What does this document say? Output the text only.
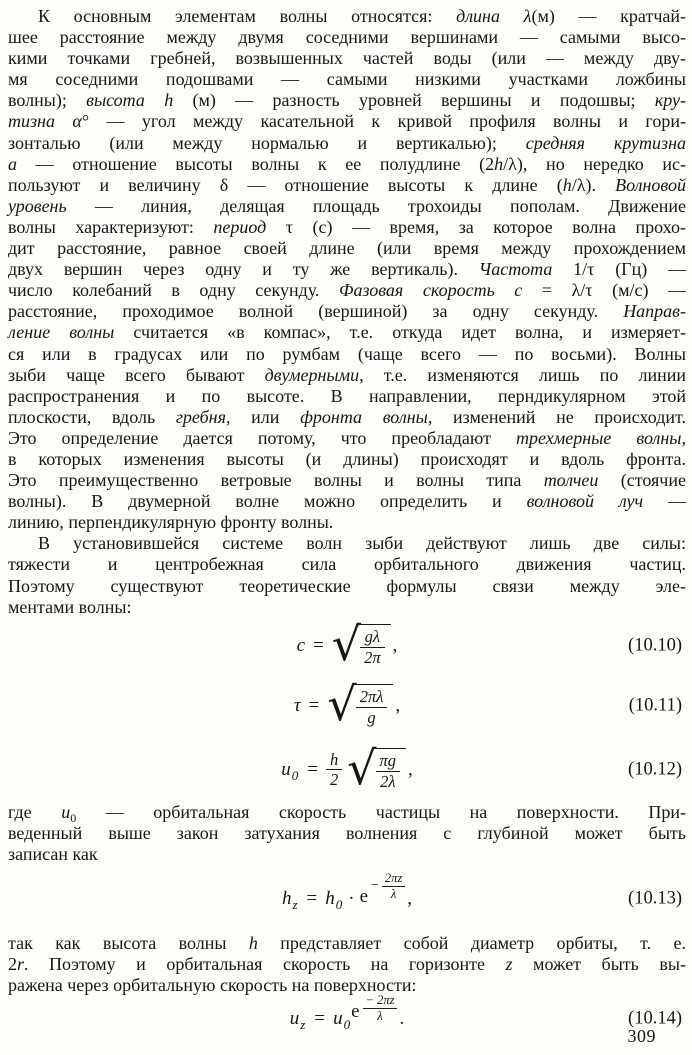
К основным элементам волны относятся: длина λ(м) — кратчай-
шее расстояние между двумя соседними вершинами — самыми высо-
кими точками гребней, возвышенных частей воды (или — между дву-
мя соседними подошвами — самыми низкими участками ложбины
волны); высота h (м) — разность уровней вершины и подошвы; кру-
тизна α° — угол между касательной к кривой профиля волны и гори-
зонталью (или между нормалью и вертикалью); средняя крутизна
a — отношение высоты волны к ее полудлине (2h/λ), но нередко ис-
пользуют и величину δ — отношение высоты к длине (h/λ). Волновой
уровень — линия, делящая площадь трохоиды пополам. Движение
волны характеризуют: период τ (с) — время, за которое волна прохо-
дит расстояние, равное своей длине (или время между прохождением
двух вершин через одну и ту же вертикаль). Частота 1/τ (Гц) —
число колебаний в одну секунду. Фазовая скорость c = λ/τ (м/с) —
расстояние, проходимое волной (вершиной) за одну секунду. Направ-
ление волны считается «в компас», т.е. откуда идет волна, и измеряет-
ся или в градусах или по румбам (чаще всего — по восьми). Волны
зыби чаще всего бывают двумерными, т.е. изменяются лишь по линии
распространения и по высоте. В направлении, перндикулярном этой
плоскости, вдоль гребня, или фронта волны, изменений не происходит.
Это определение дается потому, что преобладают трехмерные волны,
в которых изменения высоты (и длины) происходят и вдоль фронта.
Это преимущественно ветровые волны и волны типа толчеи (стоячие
волны). В двумерной волне можно определить и волновой луч —
линию, перпендикулярную фронту волны.
В установившейся системе волн зыби действуют лишь две силы:
тяжести и центробежная сила орбитального движения частиц.
Поэтому существуют теоретические формулы связи между эле-
ментами волны:
c = √ $\frac{g\lambda}{2\pi}$ ,	(10.10)
τ = √ $\frac{2\pi\lambda}{g}$ ,	(10.11)
$u_0 = \frac{h}{2}$ √ $\frac{\pi g}{2\lambda}$ ,	(10.12)
где $u_0$ — орбитальная скорость частицы на поверхности. При-
веденный выше закон затухания волнения с глубиной может быть
записан как
$h_z = h_0 \cdot e$
− $\frac{2\pi z}{\lambda}$ ,	(10.13)
так как высота волны h представляет собой диаметр орбиты, т. е.
2r. Поэтому и орбитальная скорость на горизонте z может быть вы-
ражена через орбитальную скорость на поверхности:
$u_z = u_0$
e $\frac{- 2\pi z}{\lambda}$ .	(10.14)
309
